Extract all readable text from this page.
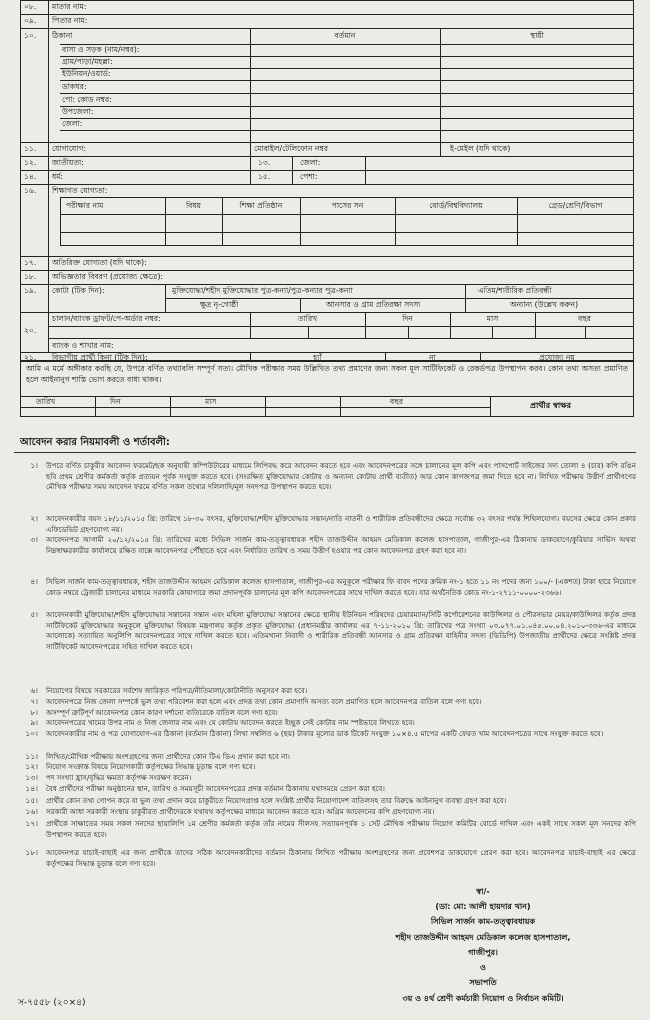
০৮. মাতার নাম:
০৯. পিতার নাম:
১০. ঠিকানা	বর্তমান	স্থায়ী
বাসা ও সড়ক (নাম/নম্বর):
গ্রাম/পাড়া/মহল্লা:
ইউনিয়ন/ওয়ার্ড:
ডাকঘর:
পো: কোড নম্বর:
উপজেলা:
জেলা:
১১. যোগাযোগ:	মোবাইল/টেলিফোন নম্বর	ই-মেইল (যদি থাকে)
১২. জাতীয়তা:	১৩.	জেলা:
১৪. ধর্ম:	১৫.	পেশা:
১৬. শিক্ষাগত যোগ্যতা:
পরীক্ষার নাম	বিষয়	শিক্ষা প্রতিষ্ঠান	পাসের সন	বোর্ড/বিশ্ববিদ্যালয়	গ্রেড/শ্রেণি/বিভাগ
১৭. অতিরিক্ত যোগ্যতা (যদি থাকে):
১৮. অভিজ্ঞতার বিবরণ (প্রযোজ্য ক্ষেত্রে):
১৯. কোটা (টিক দিন):	মুক্তিযোদ্ধা/শহীদ মুক্তিযোদ্ধার পুত্র-কন্যা/পুত্র-কন্যার পুত্র-কন্যা	এতিম/শারীরিক প্রতিবন্ধী
ক্ষুদ্র নৃ-গোষ্ঠী	আনসার ও গ্রাম প্রতিরক্ষা সদস্য	অন্যান্য (উল্লেখ করুন)
চালান/ব্যাংক ড্রাফট/পে-অর্ডার নম্বর:
২০.
তারিখ	দিন	মাস	বছর
ব্যাংক ও শাখার নাম:
২১. বিভাগীয় প্রার্থী কিনা (টিক দিন):	হ্যাঁ	না	প্রযোজ্য নয়
আমি এ মর্মে অঙ্গীকার করছি যে, উপরে বর্ণিত তথ্যাবলি সম্পূর্ণ সত্য। মৌখিক পরীক্ষার সময় উল্লিখিত তথ্য প্রমাণের জন্য সকল মূল সার্টিফিকেট ও রেকর্ডপত্র উপস্থাপন করব। কোন তথ্য অসত্য প্রমাণিত হলে আইনানুগ শাস্তি ভোগ করতে বাধ্য থাকব।
তারিখ	দিন	মাস	বছর	প্রার্থীর স্বাক্ষর
আবেদন করার নিয়মাবলী ও শর্তাবলী:
১। উপরে বর্ণিত চাকুরীর আবেদন ফরমেট/ছক অনুযায়ী কম্পিউটারের মাধ্যমে লিপিবদ্ধ করে আবেদন করতে হবে এবং আবেদনপত্রের সঙ্গে চালানের মূল কপি এবং পাসপোর্ট সাইজের সদ্য তোলা ৪ (চার) কপি রঙিন ছবি প্রথম শ্রেণীর কর্মকর্তা কর্তৃক প্রত্যয়ন পূর্বক সংযুক্ত করতে হবে। (সংরক্ষিত মুক্তিযোদ্ধার কোটায় ও অন্যান্য কোটায় প্রার্থী ব্যতীত) আর কোন কাগজপত্র জমা দিতে হবে না। লিখিত পরীক্ষায় উত্তীর্ণ প্রার্থীগণের মৌখিক পরীক্ষার সময় আবেদন ফরমে বর্ণিত সকল তথ্যের দলিলাদি/মূল সনদপত্র উপস্থাপন করতে হবে।
২। আবেদনকারীর বয়স ১৮/১১/২০১৫ খ্রি: তারিখে ১৮-৩০ বৎসর, মুক্তিযোদ্ধা/শহীদ মুক্তিযোদ্ধার সন্তান/নাতি নাতনী ও শারীরিক প্রতিবন্ধীদের ক্ষেত্রে সর্বোচ্চ ৩২ বৎসর পর্যন্ত শিথিলযোগ্য। বয়সের ক্ষেত্রে কোন প্রকার এফিডেভিট গ্রহণযোগ্য নয়।
৩। আবেদনপত্র আগামী ২০/১২/২০১৫ খ্রি: তারিখের মধ্যে সিভিল সার্জন কাম-তত্ত্বাবধায়ক শহীদ তাজউদ্দীন আহমদ মেডিকাল কলেজ হাসপাতাল, গাজীপুর-এর ঠিকানায় ডাকযোগে/কুরিয়ার সার্ভিস অথবা নিম্নস্বাক্ষরকারীর কার্যালয়ে রক্ষিত বাক্সে আবেদনপত্র পৌঁছাতে হবে এবং নির্ধারিত তারিখ ও সময় উত্তীর্ণ হওয়ার পর কোন আবেদনপত্র গ্রহণ করা হবে না।
৪। সিভিল সার্জন কাম-তত্ত্বাবধায়ক, শহীদ তাজউদ্দীন আহমদ মেডিকাল কলেজ হাসপাতাল, গাজীপুর-এর অনুকূলে পরীক্ষার ফি বাবদ পদের ক্রমিক নং-১ হতে ১১ নং পদের জন্য ১০০/- (একশত) টাকা হারে নিয়োগে কোড নম্বরে ট্রেজারী চালানের মাধ্যমে সরকারি কোষাগারে জমা প্রদানপূর্বক চালানের মূল কপি আবেদনপত্রের সাথে দাখিল করতে হবে। যার অর্থনৈতিক কোড নং-১-২৭১১-০০০০-২৩৬৬।
৫। আবেদনকারী মুক্তিযোদ্ধা/শহীদ মুক্তিযোদ্ধার সন্তানের সন্তান এবং মহিলা মুক্তিযোদ্ধা সন্তানের ক্ষেত্রে স্থানীয় ইউনিয়ন পরিষদের চেয়ারম্যান/সিটি কর্পোরেশনের কাউন্সিলর ও পৌরসভার মেয়র/কাউন্সিলর কর্তৃক প্রদত্ত সার্টিফিকেট মুক্তিযোদ্ধার অনুকূলে মুক্তিযোদ্ধা বিষয়ক মন্ত্রণালয় কর্তৃক প্রকৃত মুক্তিযোদ্ধা (প্রধানমন্ত্রীর কার্যালয় এর ৭-১১-২০১০ খ্রি: তারিখের পত্র সংখ্যা ০৩.০৭৭.০১.০৪৫.০০.০৪.২০১০-৩৩৬-এর মাধ্যমে আলোকে) সত্যায়িত অনুলিপি আবেদনপত্রের সাথে দাখিল করতে হবে। এতিমখানা নিবাসী ও শারীরিক প্রতিবন্ধী আনসার ও গ্রাম প্রতিরক্ষা বাহিনীর সদস্য (ভিডিপি) উপজাতীয় প্রার্থীদের ক্ষেত্রে সংশ্লিষ্ট প্রদত্ত সার্টিফিকেট আবেদনপত্রের সহিত দাখিল করতে হবে।
৬। নিয়োগের বিষয়ে সরকারের সর্বশেষ জারিকৃত পরিপত্র/নীতিমালা/কোটানীতি অনুসরণ করা হবে।
৭। আবেদনপত্রে নিজ জেলা সম্পর্কে ভুল তথ্য পরিবেশন করা হলে এবং প্রদত্ত তথ্য কোন প্রমাণাদি অসত্য বলে প্রমাণিত হলে আবেদনপত্র বাতিল বলে গণ্য হবে।
৮। অসম্পূর্ণ ত্রুটিপূর্ণ আবেদনপত্র কোন কারণ দর্শানো ব্যতিরেকে বাতিল বলে গণ্য হবে।
৯। আবেদনপত্রের খামের উপর নাম ও নিজ জেলার নাম এবং যে কোটায় আবেদন করতে ইচ্ছুক সেই কোটার নাম স্পষ্টভাবে লিখতে হবে।
১০। আবেদনকারীর নাম ও পত্র যোগাযোগ-এর ঠিকানা (বর্তমান ঠিকানা) লিখা সম্বলিত ৬ (ছয়) টাকার মূল্যের ডাক টিকেট সংযুক্ত ১০×৪.৫ মাপের একটি ফেরত খাম আবেদনপত্রের সাথে সংযুক্ত করতে হবে।
১১। লিখিত/মৌখিক পরীক্ষায় অংশগ্রহণের জন্য প্রার্থীদের কোন টিএ ডিএ প্রদান করা হবে না।
১২। নিয়োগ সংক্রান্ত বিষয়ে নিয়োগকারী কর্তৃপক্ষের সিদ্ধান্ত চূড়ান্ত বলে গণ্য হবে।
১৩। পদ সংখ্যা হ্রাস/বৃদ্ধির ক্ষমতা কর্তৃপক্ষ সংরক্ষণ করেন।
১৪। বৈধ প্রার্থীদের পরীক্ষা অনুষ্ঠানের স্থান, তারিখ ও সময়সূচী আবেদনপত্রের প্রদত্ত বর্তমান ঠিকানায় যথাসময়ে প্রেরণ করা হবে।
১৫। প্রার্থীর কোন তথ্য গোপন করে বা ভুল তথ্য প্রদান করে চাকুরীতে নিয়োগপ্রাপ্ত হলে সংশ্লিষ্ট প্রার্থীর নিয়োগাদেশ বাতিলসহ তার বিরুদ্ধে আইনানুগ ব্যবস্থা গ্রহণ করা হবে।
১৬। সরকারী আধা সরকারী সংস্থায় চাকুরীরত প্রার্থীদেরকে যথাযথ কর্তৃপক্ষের মাধ্যমে আবেদন করতে হবে। অগ্রিম আবেদনের কপি গ্রহণযোগ্য নয়।
১৭। প্রার্থীকে সাক্ষাতের সময় সকল সনদের ছায়ালিপি ১ম শ্রেণীর কর্মকর্তা কর্তৃক তাঁর নামের সীলসহ সত্যায়নপূর্বক ১ সেট মৌখিক পরীক্ষায় নিয়োগ কমিটির বোর্ডে দাখিল এবং একই সাথে সকল মূল সনদের কপি উপস্থাপন করতে হবে।
১৮। আবেদনপত্র যাচাই-বাছাই এর জন্য প্রার্থীকে তাদের সঠিক আবেদনকারীদের বর্তমান ঠিকানায় লিখিত পরীক্ষায় অংশগ্রহণের জন্য প্রবেশপত্র ডাকযোগে প্রেরণ করা হবে। আবেদনপত্র যাচাই-বাছাই এর ক্ষেত্রে কর্তৃপক্ষের সিদ্ধান্ত চূড়ান্ত বলে গণ্য হবে।
স্বা/-
(ডা: মো: আলী হায়দার খান)
সিভিল সার্জন কাম-তত্ত্বাবধায়ক
শহীদ তাজউদ্দীন আহমদ মেডিকাল কলেজ হাসপাতাল,
গাজীপুর।
ও
সভাপতি
৩য় ও ৪র্থ শ্রেণী কর্মচারী নিয়োগ ও নির্বাচন কমিটি।
স-৭৫৫৮ (২০×৪)
